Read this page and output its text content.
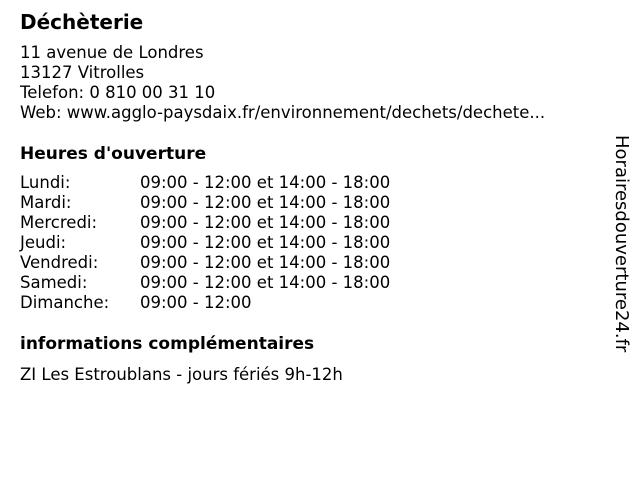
Déchèterie
11 avenue de Londres
13127 Vitrolles
Telefon: 0 810 00 31 10
Web: www.agglo-paysdaix.fr/environnement/dechets/dechete...
Heures d'ouverture
Lundi:	09:00 - 12:00 et 14:00 - 18:00
Mardi:	09:00 - 12:00 et 14:00 - 18:00
Mercredi:	09:00 - 12:00 et 14:00 - 18:00
Jeudi:	09:00 - 12:00 et 14:00 - 18:00
Vendredi:	09:00 - 12:00 et 14:00 - 18:00
Samedi:	09:00 - 12:00 et 14:00 - 18:00
Dimanche: 09:00 - 12:00
informations complémentaires
ZI Les Estroublans - jours fériés 9h-12h
Horairesdouverture24.fr
